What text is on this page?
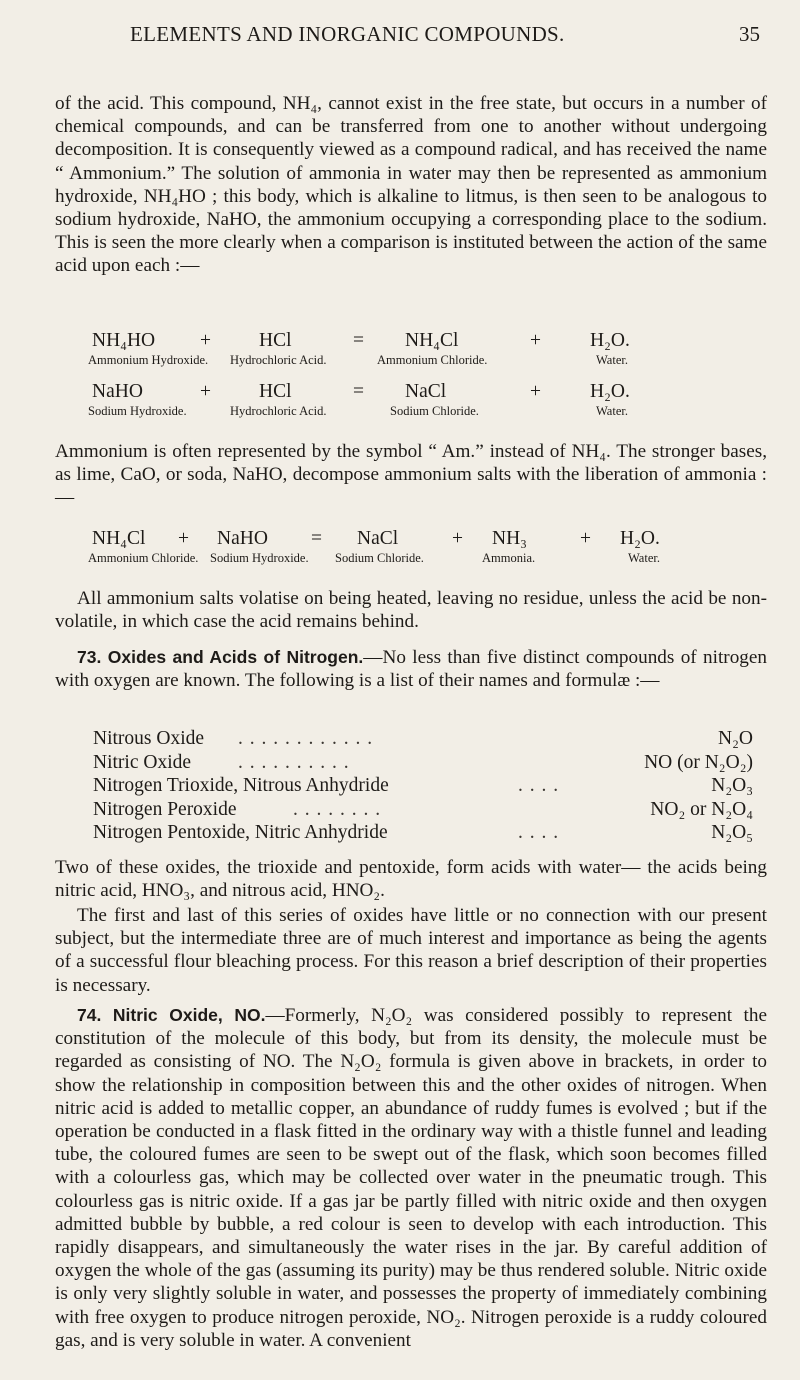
ELEMENTS AND INORGANIC COMPOUNDS.	35

of the acid. This compound, NH₄, cannot exist in the free state, but occurs in a number of chemical compounds, and can be transferred from one to another without undergoing decomposition. It is consequently viewed as a compound radical, and has received the name “ Ammonium.” The solution of ammonia in water may then be represented as ammonium hydroxide, NH₄HO ; this body, which is alkaline to litmus, is then seen to be analogous to sodium hydroxide, NaHO, the ammonium occupying a corresponding place to the sodium. This is seen the more clearly when a comparison is instituted between the action of the same acid upon each :—

NH₄HO + HCl	= NH₄Cl	+	H₂O.
Ammonium Hydroxide. Hydrochloric Acid.	Ammonium Chloride.	Water.
NaHO	+ HCl	= NaCl	+	H₂O.
Sodium Hydroxide.	Hydrochloric Acid.	Sodium Chloride.	Water.

Ammonium is often represented by the symbol “ Am.” instead of NH₄. The stronger bases, as lime, CaO, or soda, NaHO, decompose ammonium salts with the liberation of ammonia :—

NH₄Cl + NaHO = NaCl	+ NH₃	+ H₂O.
Ammonium Chloride. Sodium Hydroxide. Sodium Chloride.	Ammonia.	Water.

All ammonium salts volatise on being heated, leaving no residue, unless the acid be non-volatile, in which case the acid remains behind.

73. Oxides and Acids of Nitrogen.—No less than five distinct compounds of nitrogen with oxygen are known. The following is a list of their names and formulæ :—

Nitrous Oxide . . . . . . . . . . . .	N₂O
Nitric Oxide . . . . . . . . . .	NO (or N₂O₂)
Nitrogen Trioxide, Nitrous Anhydride	. . . .	N₂O₃
Nitrogen Peroxide	. . . . . . . .	NO₂ or N₂O₄
Nitrogen Pentoxide, Nitric Anhydride	. . . .	N₂O₅

Two of these oxides, the trioxide and pentoxide, form acids with water— the acids being nitric acid, HNO₃, and nitrous acid, HNO₂.

The first and last of this series of oxides have little or no connection with our present subject, but the intermediate three are of much interest and importance as being the agents of a successful flour bleaching process. For this reason a brief description of their properties is necessary.

74. Nitric Oxide, NO.—Formerly, N₂O₂ was considered possibly to represent the constitution of the molecule of this body, but from its density, the molecule must be regarded as consisting of NO. The N₂O₂ formula is given above in brackets, in order to show the relationship in composition between this and the other oxides of nitrogen. When nitric acid is added to metallic copper, an abundance of ruddy fumes is evolved ; but if the operation be conducted in a flask fitted in the ordinary way with a thistle funnel and leading tube, the coloured fumes are seen to be swept out of the flask, which soon becomes filled with a colourless gas, which may be collected over water in the pneumatic trough. This colourless gas is nitric oxide. If a gas jar be partly filled with nitric oxide and then oxygen admitted bubble by bubble, a red colour is seen to develop with each introduction. This rapidly disappears, and simultaneously the water rises in the jar. By careful addition of oxygen the whole of the gas (assuming its purity) may be thus rendered soluble. Nitric oxide is only very slightly soluble in water, and possesses the property of immediately combining with free oxygen to produce nitrogen peroxide, NO₂. Nitrogen peroxide is a ruddy coloured gas, and is very soluble in water. A convenient
